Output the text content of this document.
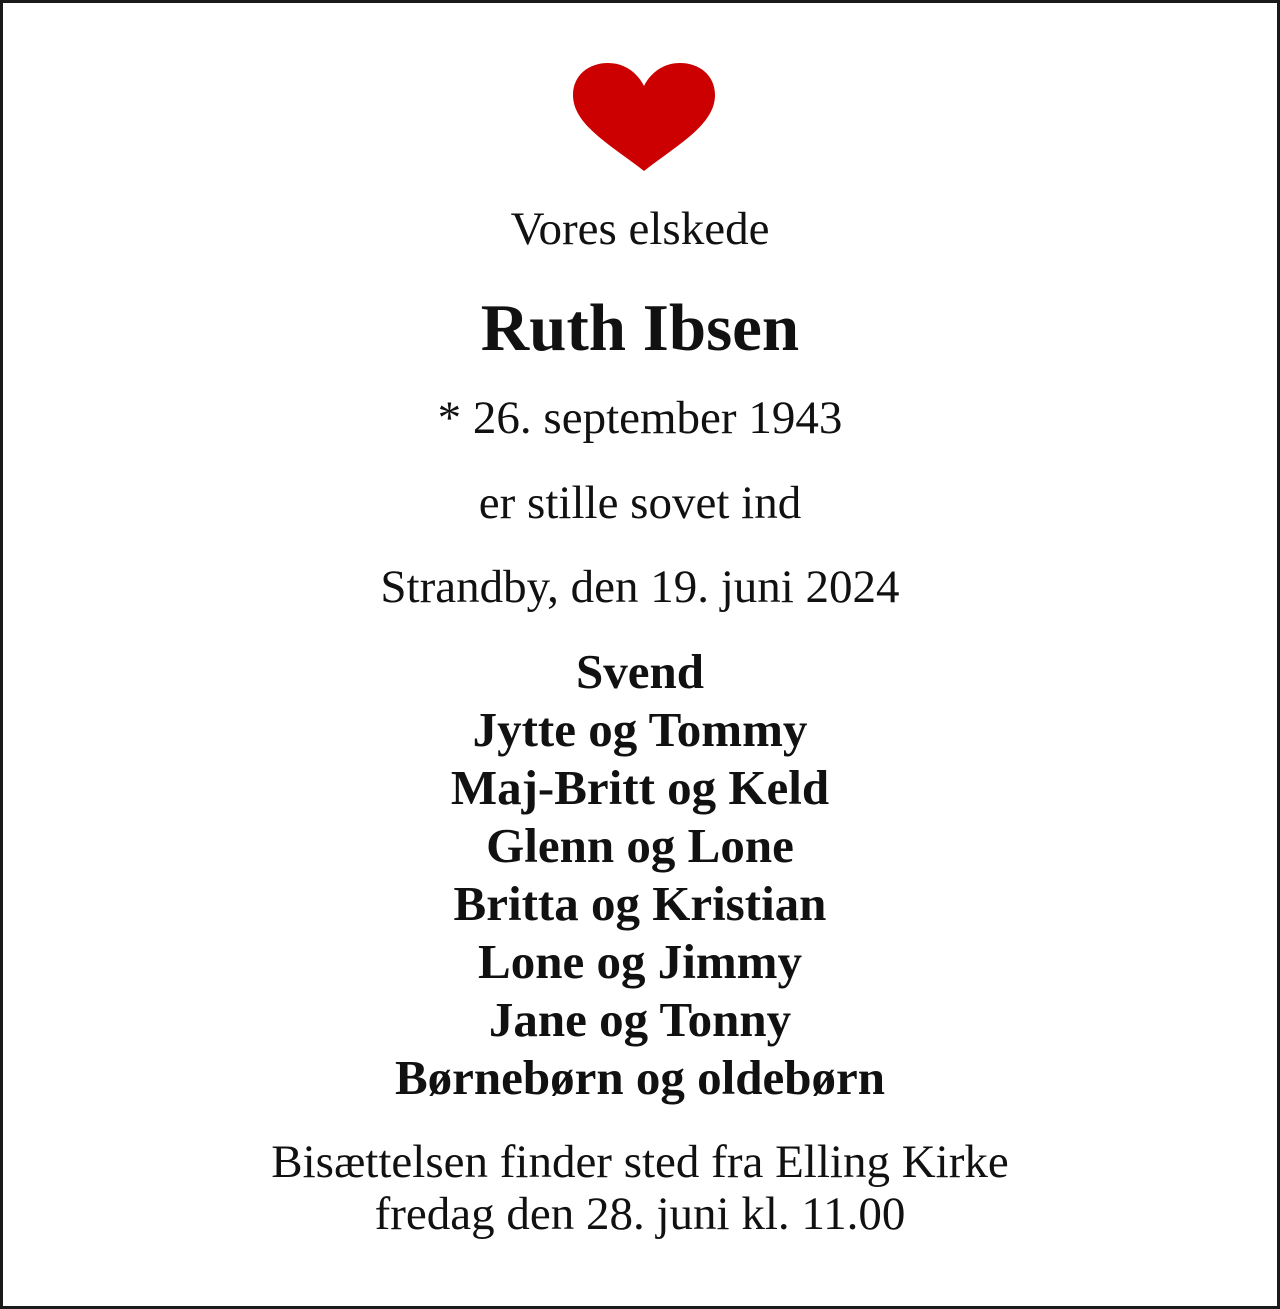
Vores elskede
Ruth Ibsen
* 26. september 1943
er stille sovet ind
Strandby, den 19. juni 2024
Svend
Jytte og Tommy
Maj-Britt og Keld
Glenn og Lone
Britta og Kristian
Lone og Jimmy
Jane og Tonny
Børnebørn og oldebørn
Bisættelsen finder sted fra Elling Kirke
fredag den 28. juni kl. 11.00
